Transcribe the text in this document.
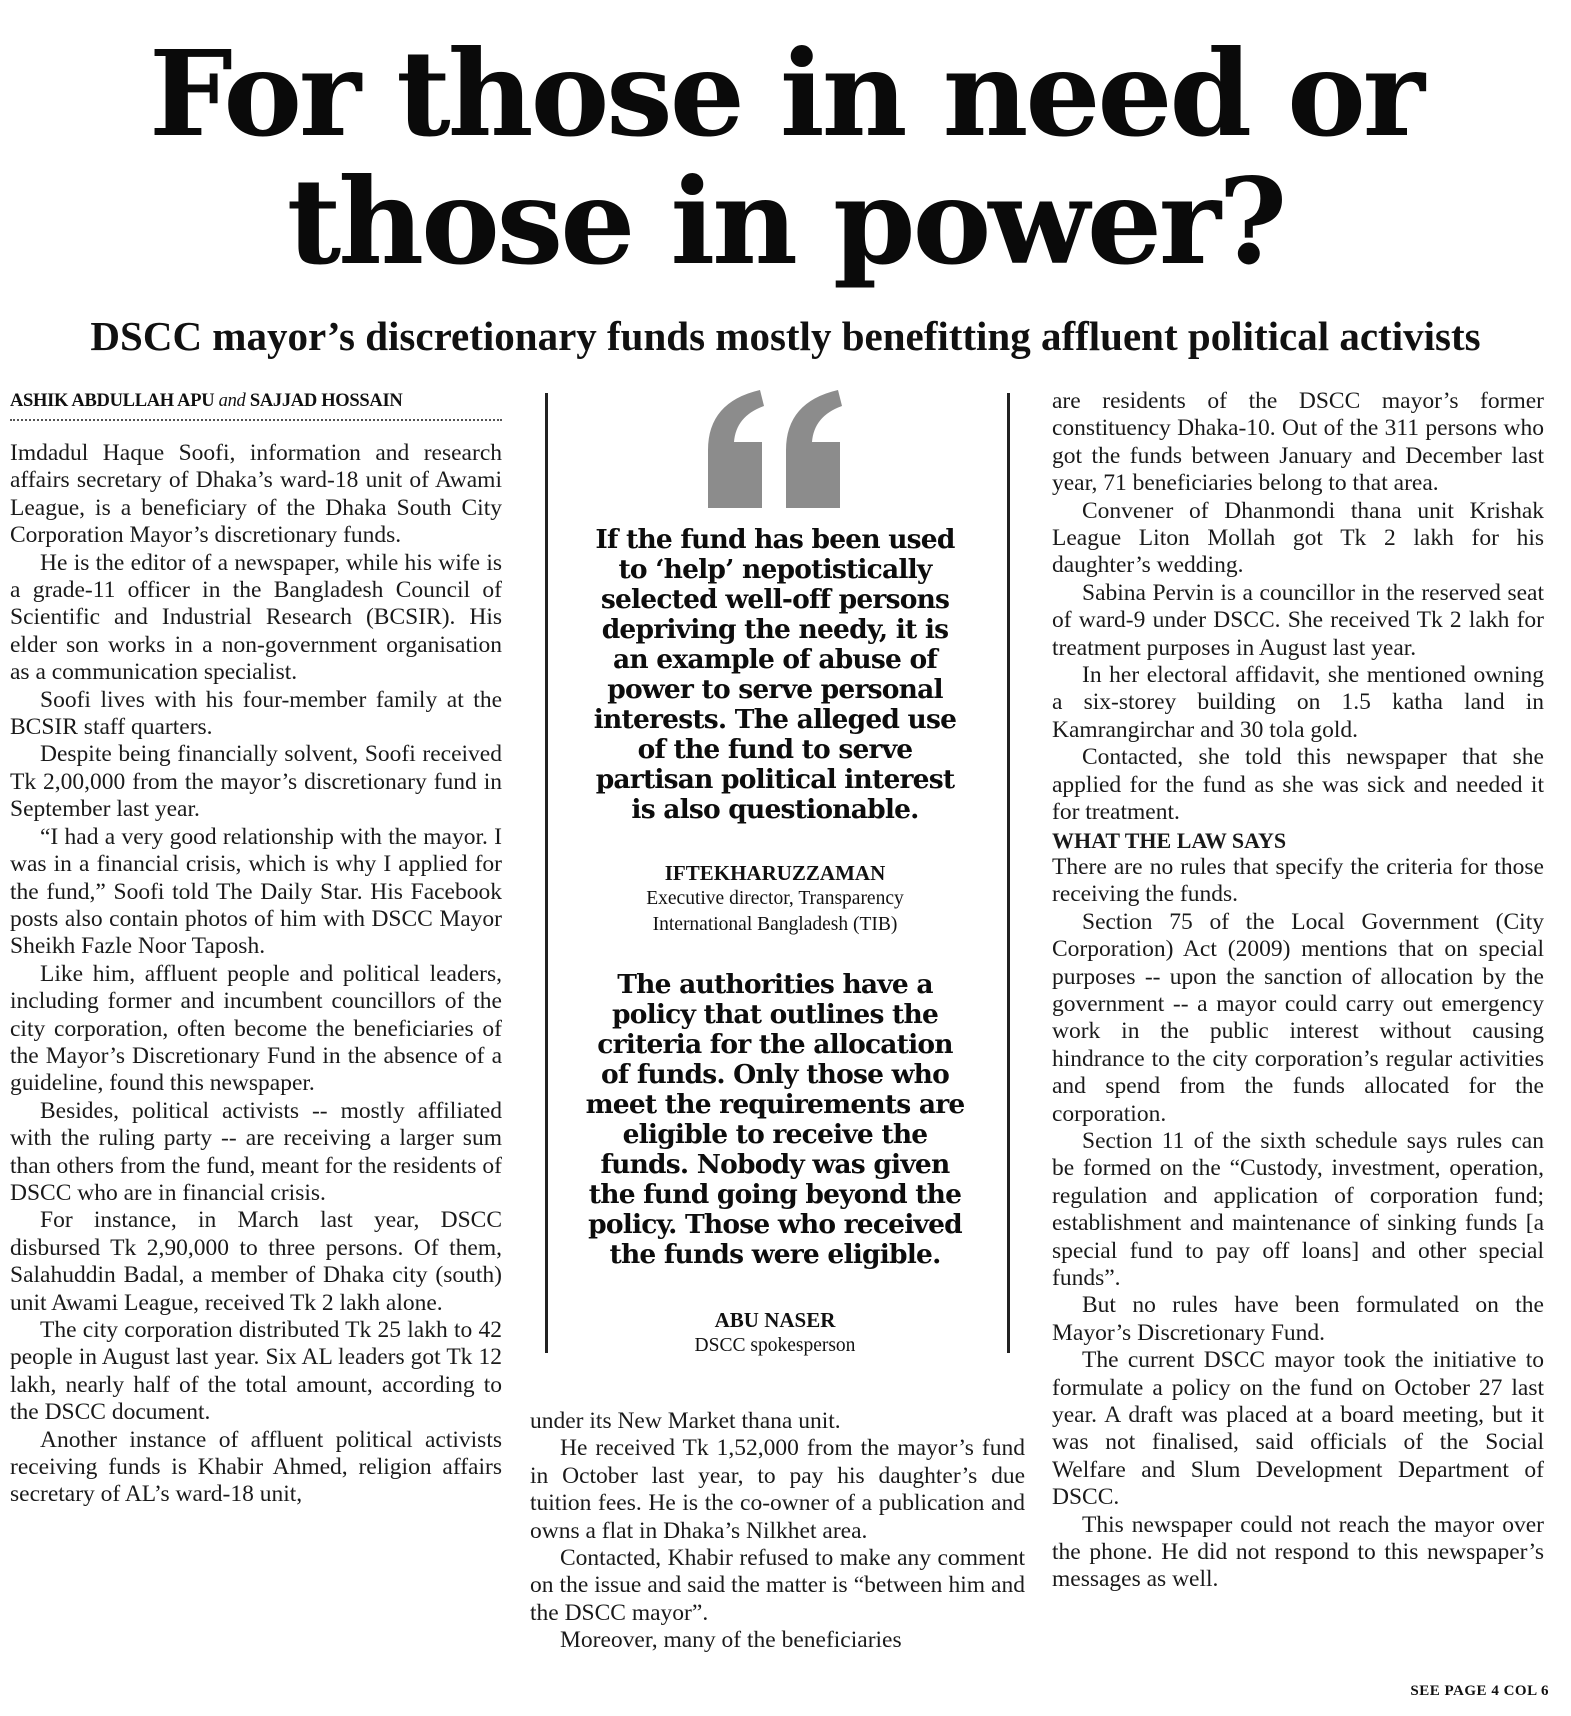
For those in need or
those in power?
DSCC mayor’s discretionary funds mostly benefitting affluent political activists
ASHIK ABDULLAH APU and SAJJAD HOSSAIN

Imdadul Haque Soofi, information and research affairs secretary of Dhaka’s ward-18 unit of Awami League, is a beneficiary of the Dhaka South City Corporation Mayor’s discretionary funds.

He is the editor of a newspaper, while his wife is a grade-11 officer in the Bangladesh Council of Scientific and Industrial Research (BCSIR). His elder son works in a non-government organisation as a communication specialist.

Soofi lives with his four-member family at the BCSIR staff quarters.

Despite being financially solvent, Soofi received Tk 2,00,000 from the mayor’s discretionary fund in September last year.

“I had a very good relationship with the mayor. I was in a financial crisis, which is why I applied for the fund,” Soofi told The Daily Star. His Facebook posts also contain photos of him with DSCC Mayor Sheikh Fazle Noor Taposh.

Like him, affluent people and political leaders, including former and incumbent councillors of the city corporation, often become the beneficiaries of the Mayor’s Discretionary Fund in the absence of a guideline, found this newspaper.

Besides, political activists -- mostly affiliated with the ruling party -- are receiving a larger sum than others from the fund, meant for the residents of DSCC who are in financial crisis.

For instance, in March last year, DSCC disbursed Tk 2,90,000 to three persons. Of them, Salahuddin Badal, a member of Dhaka city (south) unit Awami League, received Tk 2 lakh alone.

The city corporation distributed Tk 25 lakh to 42 people in August last year. Six AL leaders got Tk 12 lakh, nearly half of the total amount, according to the DSCC document.

Another instance of affluent political activists receiving funds is Khabir Ahmed, religion affairs secretary of AL’s ward-18 unit,

If the fund has been used to ‘help’ nepotistically selected well-off persons depriving the needy, it is an example of abuse of power to serve personal interests. The alleged use of the fund to serve partisan political interest is also questionable.
IFTEKHARUZZAMAN
Executive director, Transparency
International Bangladesh (TIB)
The authorities have a policy that outlines the criteria for the allocation of funds. Only those who meet the requirements are eligible to receive the funds. Nobody was given the fund going beyond the policy. Those who received the funds were eligible.
ABU NASER
DSCC spokesperson

under its New Market thana unit.

He received Tk 1,52,000 from the mayor’s fund in October last year, to pay his daughter’s due tuition fees. He is the co-owner of a publication and owns a flat in Dhaka’s Nilkhet area.

Contacted, Khabir refused to make any comment on the issue and said the matter is “between him and the DSCC mayor”.

Moreover, many of the beneficiaries

are residents of the DSCC mayor’s former constituency Dhaka-10. Out of the 311 persons who got the funds between January and December last year, 71 beneficiaries belong to that area.

Convener of Dhanmondi thana unit Krishak League Liton Mollah got Tk 2 lakh for his daughter’s wedding.

Sabina Pervin is a councillor in the reserved seat of ward-9 under DSCC. She received Tk 2 lakh for treatment purposes in August last year.

In her electoral affidavit, she mentioned owning a six-storey building on 1.5 katha land in Kamrangirchar and 30 tola gold.

Contacted, she told this newspaper that she applied for the fund as she was sick and needed it for treatment.

WHAT THE LAW SAYS

There are no rules that specify the criteria for those receiving the funds.

Section 75 of the Local Government (City Corporation) Act (2009) mentions that on special purposes -- upon the sanction of allocation by the government -- a mayor could carry out emergency work in the public interest without causing hindrance to the city corporation’s regular activities and spend from the funds allocated for the corporation.

Section 11 of the sixth schedule says rules can be formed on the “Custody, investment, operation, regulation and application of corporation fund; establishment and maintenance of sinking funds [a special fund to pay off loans] and other special funds”.

But no rules have been formulated on the Mayor’s Discretionary Fund.

The current DSCC mayor took the initiative to formulate a policy on the fund on October 27 last year. A draft was placed at a board meeting, but it was not finalised, said officials of the Social Welfare and Slum Development Department of DSCC.

This newspaper could not reach the mayor over the phone. He did not respond to this newspaper’s messages as well.

SEE PAGE 4 COL 6
